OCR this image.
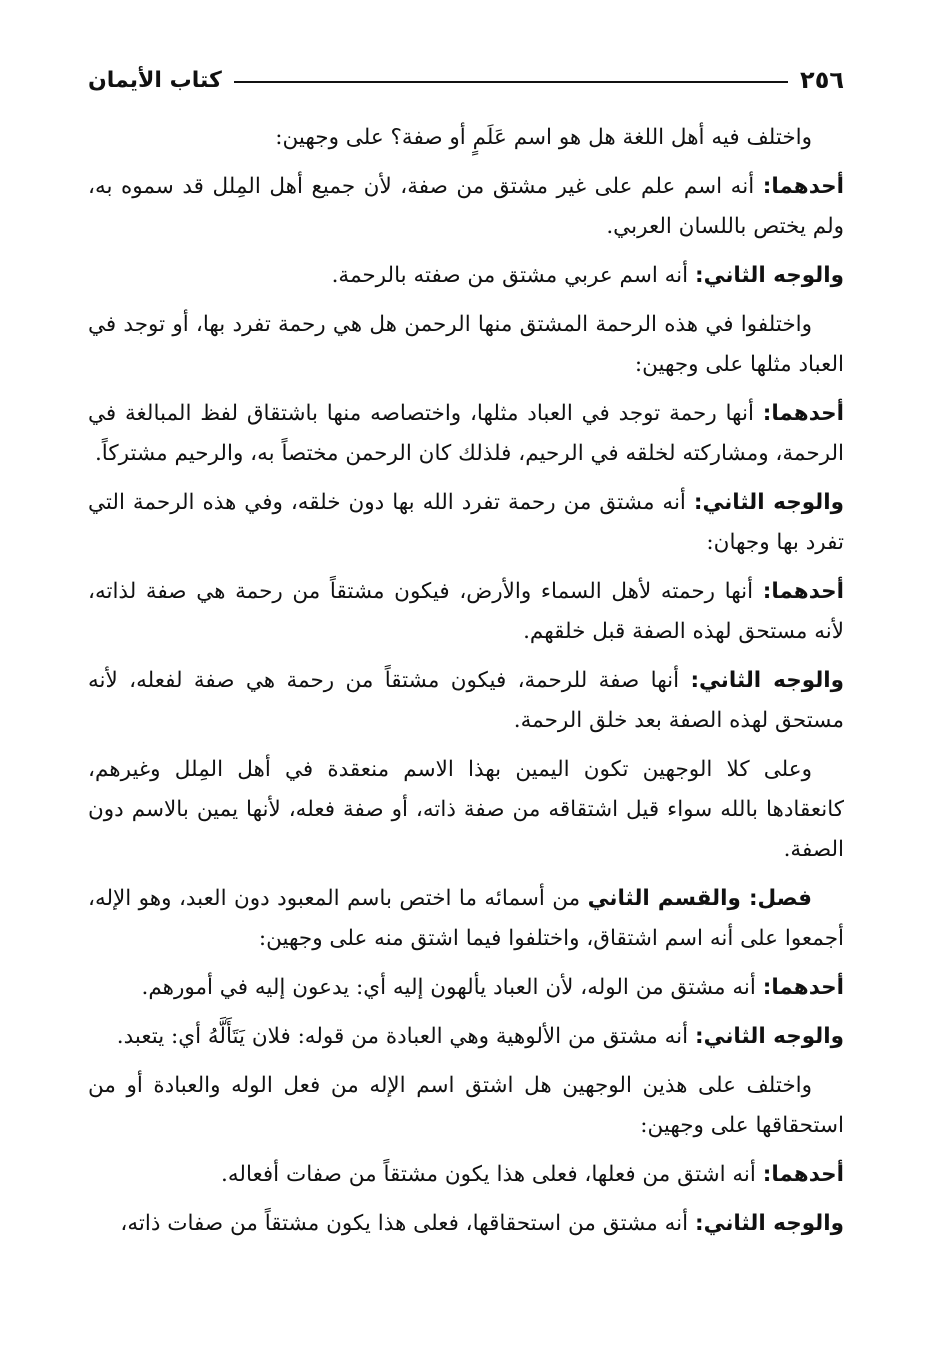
٢٥٦
كتاب الأيمان

واختلف فيه أهل اللغة هل هو اسم عَلَمٍ أو صفة؟ على وجهين:

أحدهما: أنه اسم علم على غير مشتق من صفة، لأن جميع أهل المِلل قد سموه به، ولم يختص باللسان العربي.

والوجه الثاني: أنه اسم عربي مشتق من صفته بالرحمة.

واختلفوا في هذه الرحمة المشتق منها الرحمن هل هي رحمة تفرد بها، أو توجد في العباد مثلها على وجهين:

أحدهما: أنها رحمة توجد في العباد مثلها، واختصاصه منها باشتقاق لفظ المبالغة في الرحمة، ومشاركته لخلقه في الرحيم، فلذلك كان الرحمن مختصاً به، والرحيم مشتركاً.

والوجه الثاني: أنه مشتق من رحمة تفرد الله بها دون خلقه، وفي هذه الرحمة التي تفرد بها وجهان:

أحدهما: أنها رحمته لأهل السماء والأرض، فيكون مشتقاً من رحمة هي صفة لذاته، لأنه مستحق لهذه الصفة قبل خلقهم.

والوجه الثاني: أنها صفة للرحمة، فيكون مشتقاً من رحمة هي صفة لفعله، لأنه مستحق لهذه الصفة بعد خلق الرحمة.

وعلى كلا الوجهين تكون اليمين بهذا الاسم منعقدة في أهل المِلل وغيرهم، كانعقادها بالله سواء قيل اشتقاقه من صفة ذاته، أو صفة فعله، لأنها يمين بالاسم دون الصفة.

فصل: والقسم الثاني من أسمائه ما اختص باسم المعبود دون العبد، وهو الإله، أجمعوا على أنه اسم اشتقاق، واختلفوا فيما اشتق منه على وجهين:

أحدهما: أنه مشتق من الوله، لأن العباد يألهون إليه أي: يدعون إليه في أمورهم.

والوجه الثاني: أنه مشتق من الألوهية وهي العبادة من قوله: فلان يَتَأَلَّهُ أي: يتعبد.

واختلف على هذين الوجهين هل اشتق اسم الإله من فعل الوله والعبادة أو من استحقاقها على وجهين:

أحدهما: أنه اشتق من فعلها، فعلى هذا يكون مشتقاً من صفات أفعاله.

والوجه الثاني: أنه مشتق من استحقاقها، فعلى هذا يكون مشتقاً من صفات ذاته،
